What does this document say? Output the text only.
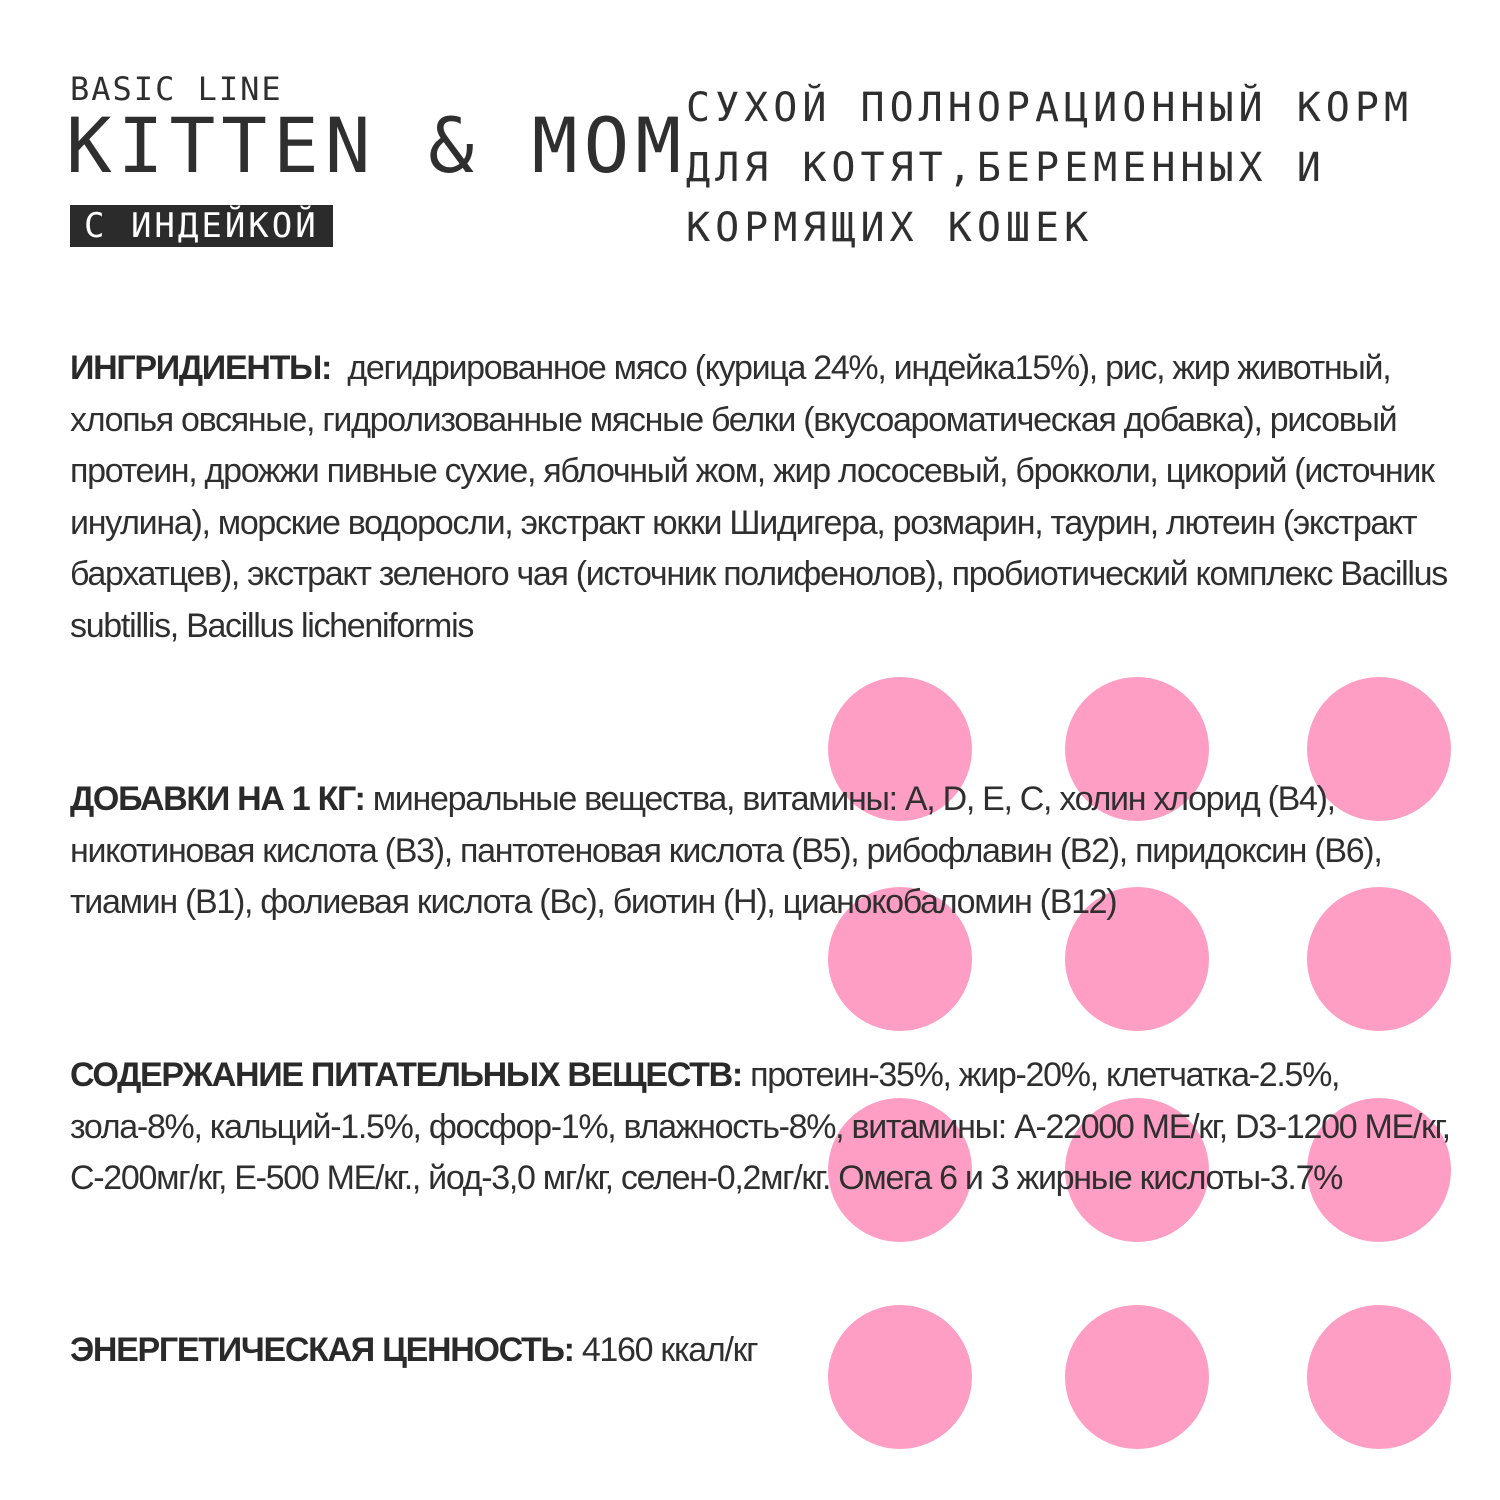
BASIC LINE
KITTEN & MOM
С ИНДЕЙКОЙ
СУХОЙ ПОЛНОРАЦИОННЫЙ КОРМ
ДЛЯ КОТЯТ,БЕРЕМЕННЫХ И
КОРМЯЩИХ КОШЕК
ИНГРИДИЕНТЫ: дегидрированное мясо (курица 24%, индейка15%), рис, жир животный, хлопья овсяные, гидролизованные мясные белки (вкусоароматическая добавка), рисовый протеин, дрожжи пивные сухие, яблочный жом, жир лососевый, брокколи, цикорий (источник инулина), морские водоросли, экстракт юкки Шидигера, розмарин, таурин, лютеин (экстракт бархатцев), экстракт зеленого чая (источник полифенолов), пробиотический комплекс Bacillus subtillis, Bacillus licheniformis
ДОБАВКИ НА 1 КГ: минеральные вещества, витамины: A, D, E, C, холин хлорид (B4), никотиновая кислота (B3), пантотеновая кислота (B5), рибофлавин (B2), пиридоксин (B6), тиамин (B1), фолиевая кислота (Bc), биотин (H), цианокобаломин (B12)
СОДЕРЖАНИЕ ПИТАТЕЛЬНЫХ ВЕЩЕСТВ: протеин-35%, жир-20%, клетчатка-2.5%, зола-8%, кальций-1.5%, фосфор-1%, влажность-8%, витамины: А-22000 МЕ/кг, D3-1200 МЕ/кг, С-200мг/кг, Е-500 МЕ/кг., йод-3,0 мг/кг, селен-0,2мг/кг. Омега 6 и 3 жирные кислоты-3.7%
ЭНЕРГЕТИЧЕСКАЯ ЦЕННОСТЬ: 4160 ккал/кг
